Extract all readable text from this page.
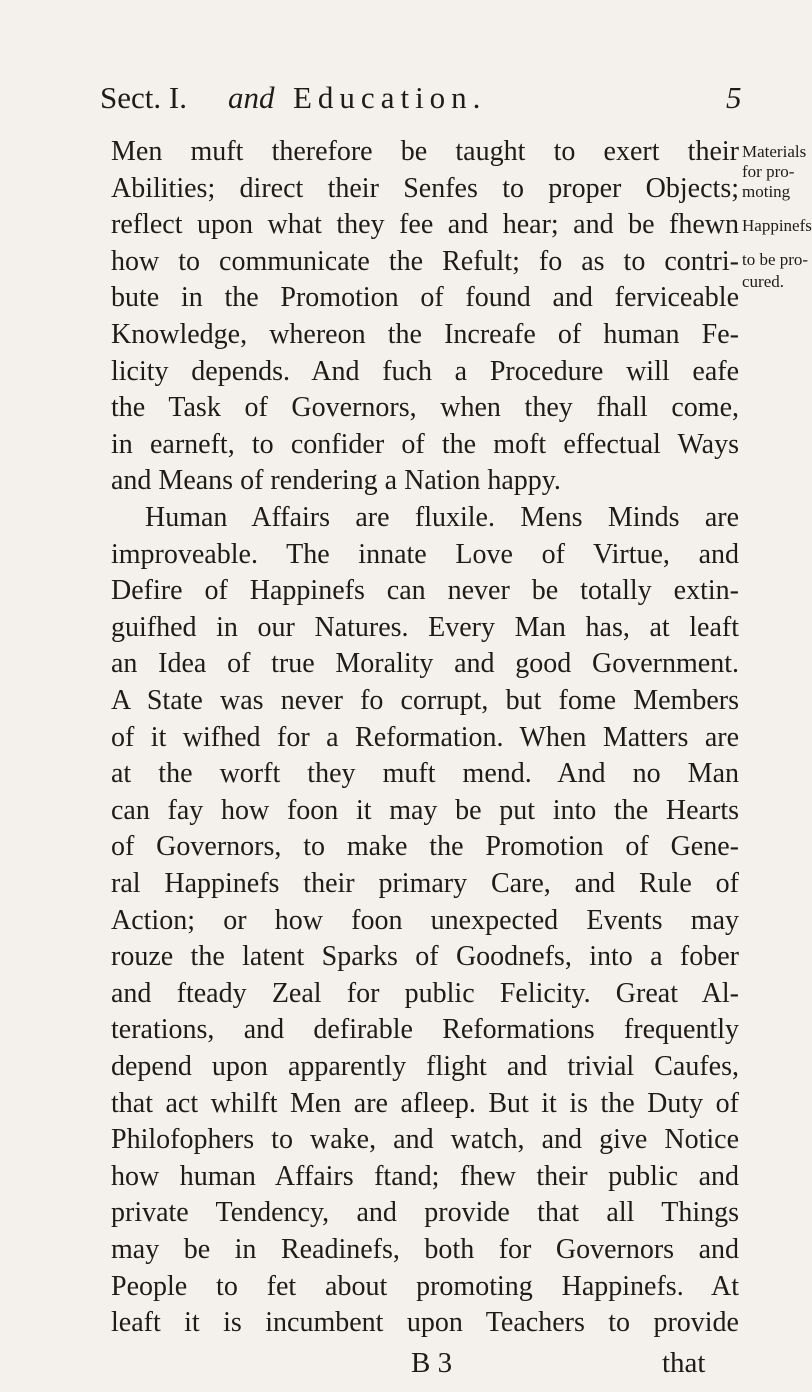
Sect. I. and Education.	5
Men muft therefore be taught to exert their
Abilities; direct their Senfes to proper Objects;
reflect upon what they fee and hear; and be fhewn
how to communicate the Refult; fo as to contri-
bute in the Promotion of found and ferviceable
Knowledge, whereon the Increafe of human Fe-
licity depends. And fuch a Procedure will eafe
the Task of Governors, when they fhall come,
in earneft, to confider of the moft effectual Ways
and Means of rendering a Nation happy.
Human Affairs are fluxile. Mens Minds are
improveable. The innate Love of Virtue, and
Defire of Happinefs can never be totally extin-
guifhed in our Natures. Every Man has, at leaft
an Idea of true Morality and good Government.
A State was never fo corrupt, but fome Members
of it wifhed for a Reformation. When Matters are
at the worft they muft mend. And no Man
can fay how foon it may be put into the Hearts
of Governors, to make the Promotion of Gene-
ral Happinefs their primary Care, and Rule of
Action; or how foon unexpected Events may
rouze the latent Sparks of Goodnefs, into a fober
and fteady Zeal for public Felicity. Great Al-
terations, and defirable Reformations frequently
depend upon apparently flight and trivial Caufes,
that act whilft Men are afleep. But it is the Duty of
Philofophers to wake, and watch, and give Notice
how human Affairs ftand; fhew their public and
private Tendency, and provide that all Things
may be in Readinefs, both for Governors and
People to fet about promoting Happinefs. At
leaft it is incumbent upon Teachers to provide
Materials
for pro-
moting
Happinefs
to be pro-
cured.
B 3	that
